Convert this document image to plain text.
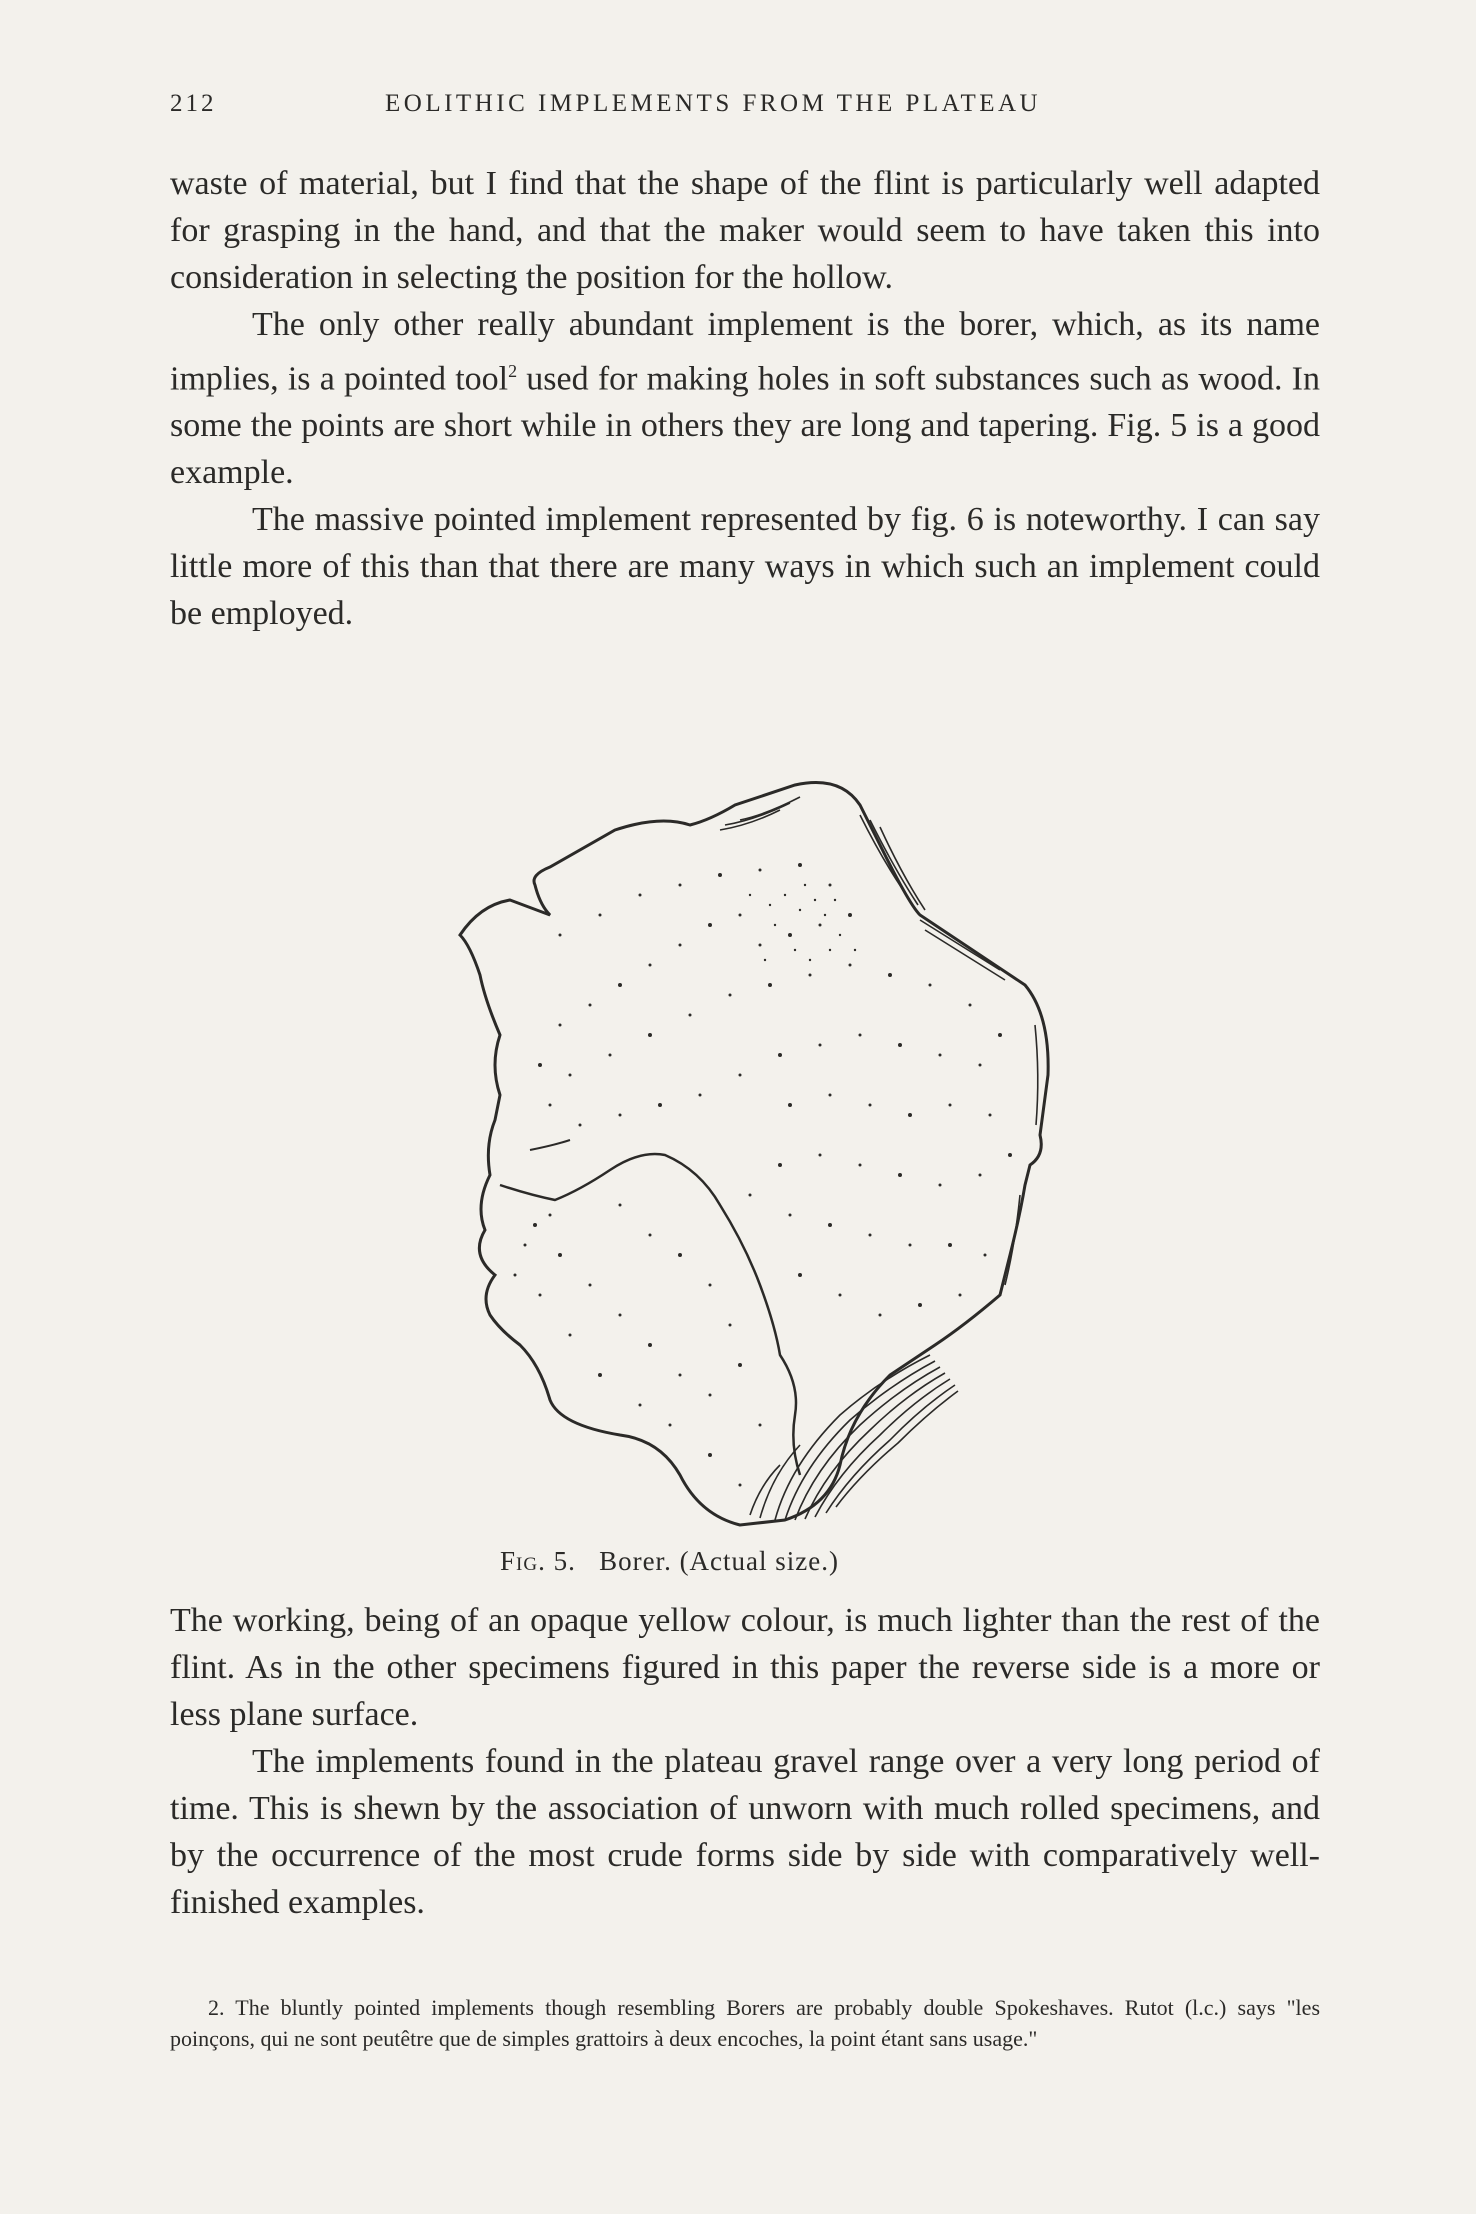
212	EOLITHIC IMPLEMENTS FROM THE PLATEAU

waste of material, but I find that the shape of the flint is particularly well adapted for grasping in the hand, and that the maker would seem to have taken this into consideration in selecting the position for the hollow.

The only other really abundant implement is the borer, which, as its name implies, is a pointed tool$^2$ used for making holes in soft substances such as wood. In some the points are short while in others they are long and tapering. Fig. 5 is a good example.

The massive pointed implement represented by fig. 6 is noteworthy. I can say little more of this than that there are many ways in which such an implement could be employed.

Fig. 5. Borer. (Actual size.)

The working, being of an opaque yellow colour, is much lighter than the rest of the flint. As in the other specimens figured in this paper the reverse side is a more or less plane surface.

The implements found in the plateau gravel range over a very long period of time. This is shewn by the association of unworn with much rolled specimens, and by the occurrence of the most crude forms side by side with comparatively well-finished examples.

2. The bluntly pointed implements though resembling Borers are probably double Spokeshaves. Rutot (l.c.) says "les poinçons, qui ne sont peutêtre que de simples grattoirs à deux encoches, la point étant sans usage."
